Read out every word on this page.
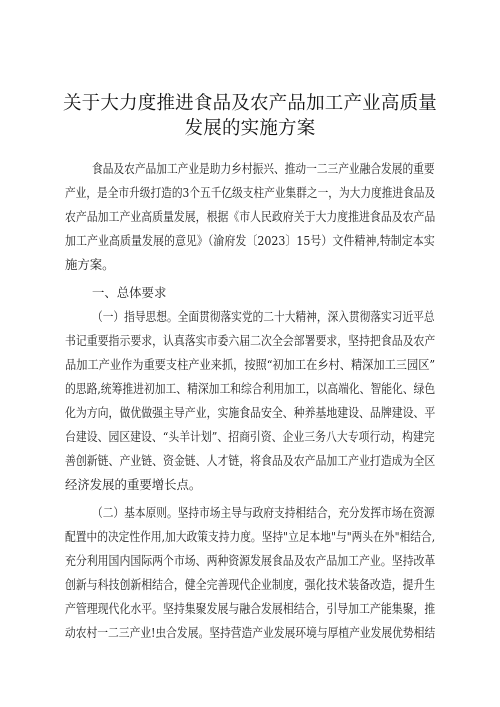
关于大力度推进食品及农产品加工产业高质量
发展的实施方案
食品及农产品加工产业是助力乡村振兴、推动一二三产业融合发展的重要
产业，是全市升级打造的3个五千亿级支柱产业集群之一，为大力度推进食品及
农产品加工产业高质量发展，根据《市人民政府关于大力度推进食品及农产品
加工产业高质量发展的意见》（渝府发〔2023〕15号）文件精神,特制定本实
施方案。
一、总体要求
（一）指导思想。全面贯彻落实党的二十大精神，深入贯彻落实习近平总
书记重要指示要求，认真落实市委六届二次全会部署要求，坚持把食品及农产
品加工产业作为重要支柱产业来抓，按照“初加工在乡村、精深加工三园区”
的思路,统筹推进初加工、精深加工和综合利用加工，以高端化、智能化、绿色
化为方向，做优做强主导产业，实施食品安全、种养基地建设、品牌建设、平
台建设、园区建设、“头羊计划”、招商引资、企业三务八大专项行动，构建完
善创新链、产业链、资金链、人才链，将食品及农产品加工产业打造成为全区
经济发展的重要增长点。
（二）基本原则。坚持市场主导与政府支持相结合，充分发挥市场在资源
配置中的决定性作用,加大政策支持力度。坚持"立足本地"与"两头在外"相结合,
充分利用国内国际两个市场、两种资源发展食品及农产品加工产业。坚持改革
创新与科技创新相结合，健全完善现代企业制度，强化技术装备改造，提升生
产管理现代化水平。坚持集聚发展与融合发展相结合，引导加工产能集聚，推
动农村一二三产业!虫合发展。坚持营造产业发展环境与厚植产业发展优势相结
